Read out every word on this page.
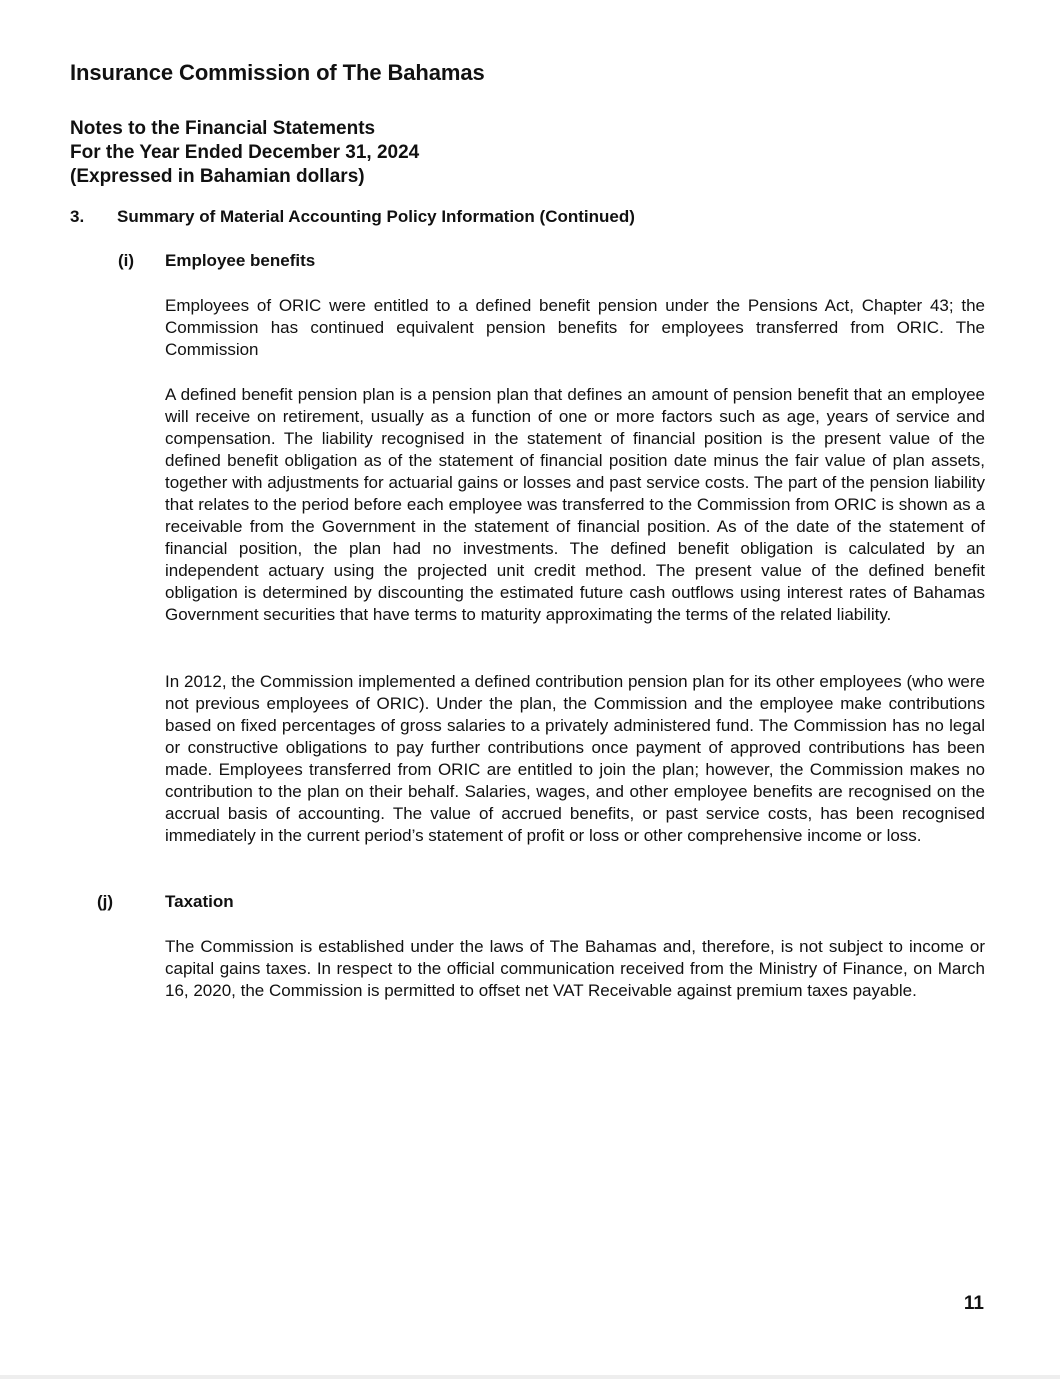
Insurance Commission of The Bahamas
Notes to the Financial Statements
For the Year Ended December 31, 2024
(Expressed in Bahamian dollars)
3. Summary of Material Accounting Policy Information (Continued)
(i) Employee benefits

Employees of ORIC were entitled to a defined benefit pension under the Pensions Act, Chapter 43; the Commission has continued equivalent pension benefits for employees transferred from ORIC. The Commission

A defined benefit pension plan is a pension plan that defines an amount of pension benefit that an employee will receive on retirement, usually as a function of one or more factors such as age, years of service and compensation. The liability recognised in the statement of financial position is the present value of the defined benefit obligation as of the statement of financial position date minus the fair value of plan assets, together with adjustments for actuarial gains or losses and past service costs. The part of the pension liability that relates to the period before each employee was transferred to the Commission from ORIC is shown as a receivable from the Government in the statement of financial position. As of the date of the statement of financial position, the plan had no investments. The defined benefit obligation is calculated by an independent actuary using the projected unit credit method. The present value of the defined benefit obligation is determined by discounting the estimated future cash outflows using interest rates of Bahamas Government securities that have terms to maturity approximating the terms of the related liability.

In 2012, the Commission implemented a defined contribution pension plan for its other employees (who were not previous employees of ORIC). Under the plan, the Commission and the employee make contributions based on fixed percentages of gross salaries to a privately administered fund. The Commission has no legal or constructive obligations to pay further contributions once payment of approved contributions has been made. Employees transferred from ORIC are entitled to join the plan; however, the Commission makes no contribution to the plan on their behalf. Salaries, wages, and other employee benefits are recognised on the accrual basis of accounting. The value of accrued benefits, or past service costs, has been recognised immediately in the current period’s statement of profit or loss or other comprehensive income or loss.

(j)	Taxation

The Commission is established under the laws of The Bahamas and, therefore, is not subject to income or capital gains taxes. In respect to the official communication received from the Ministry of Finance, on March 16, 2020, the Commission is permitted to offset net VAT Receivable against premium taxes payable.

11
